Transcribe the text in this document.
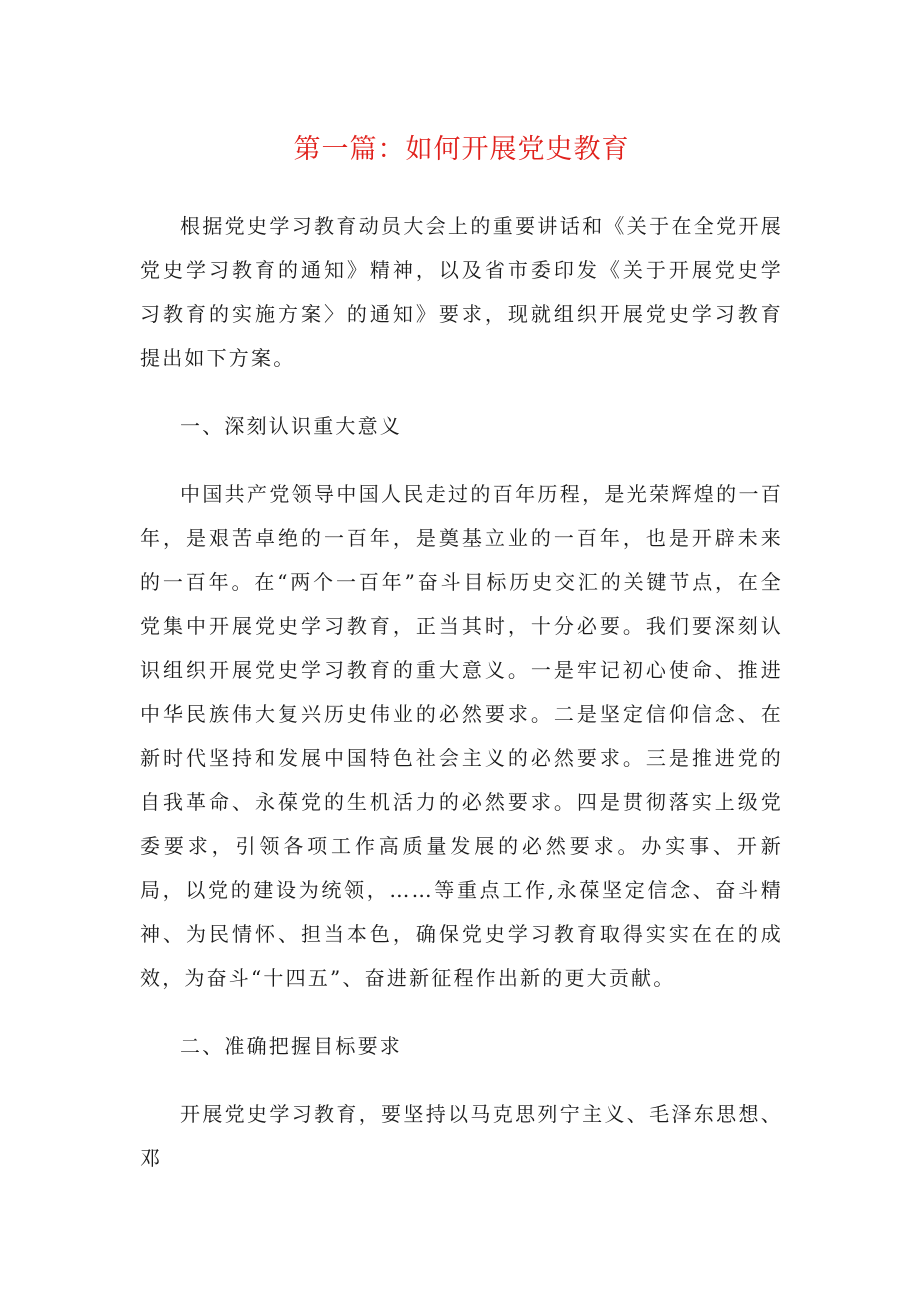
第一篇：如何开展党史教育

根据党史学习教育动员大会上的重要讲话和《关于在全党开展党史学习教育的通知》精神，以及省市委印发《关于开展党史学习教育的实施方案〉的通知》要求，现就组织开展党史学习教育提出如下方案。

一、深刻认识重大意义

中国共产党领导中国人民走过的百年历程，是光荣辉煌的一百年，是艰苦卓绝的一百年，是奠基立业的一百年，也是开辟未来的一百年。在“两个一百年”奋斗目标历史交汇的关键节点，在全党集中开展党史学习教育，正当其时，十分必要。我们要深刻认识组织开展党史学习教育的重大意义。一是牢记初心使命、推进中华民族伟大复兴历史伟业的必然要求。二是坚定信仰信念、在新时代坚持和发展中国特色社会主义的必然要求。三是推进党的自我革命、永葆党的生机活力的必然要求。四是贯彻落实上级党委要求，引领各项工作高质量发展的必然要求。办实事、开新局，以党的建设为统领，……等重点工作,永葆坚定信念、奋斗精神、为民情怀、担当本色，确保党史学习教育取得实实在在的成效，为奋斗“十四五”、奋进新征程作出新的更大贡献。

二、准确把握目标要求

开展党史学习教育，要坚持以马克思列宁主义、毛泽东思想、邓
